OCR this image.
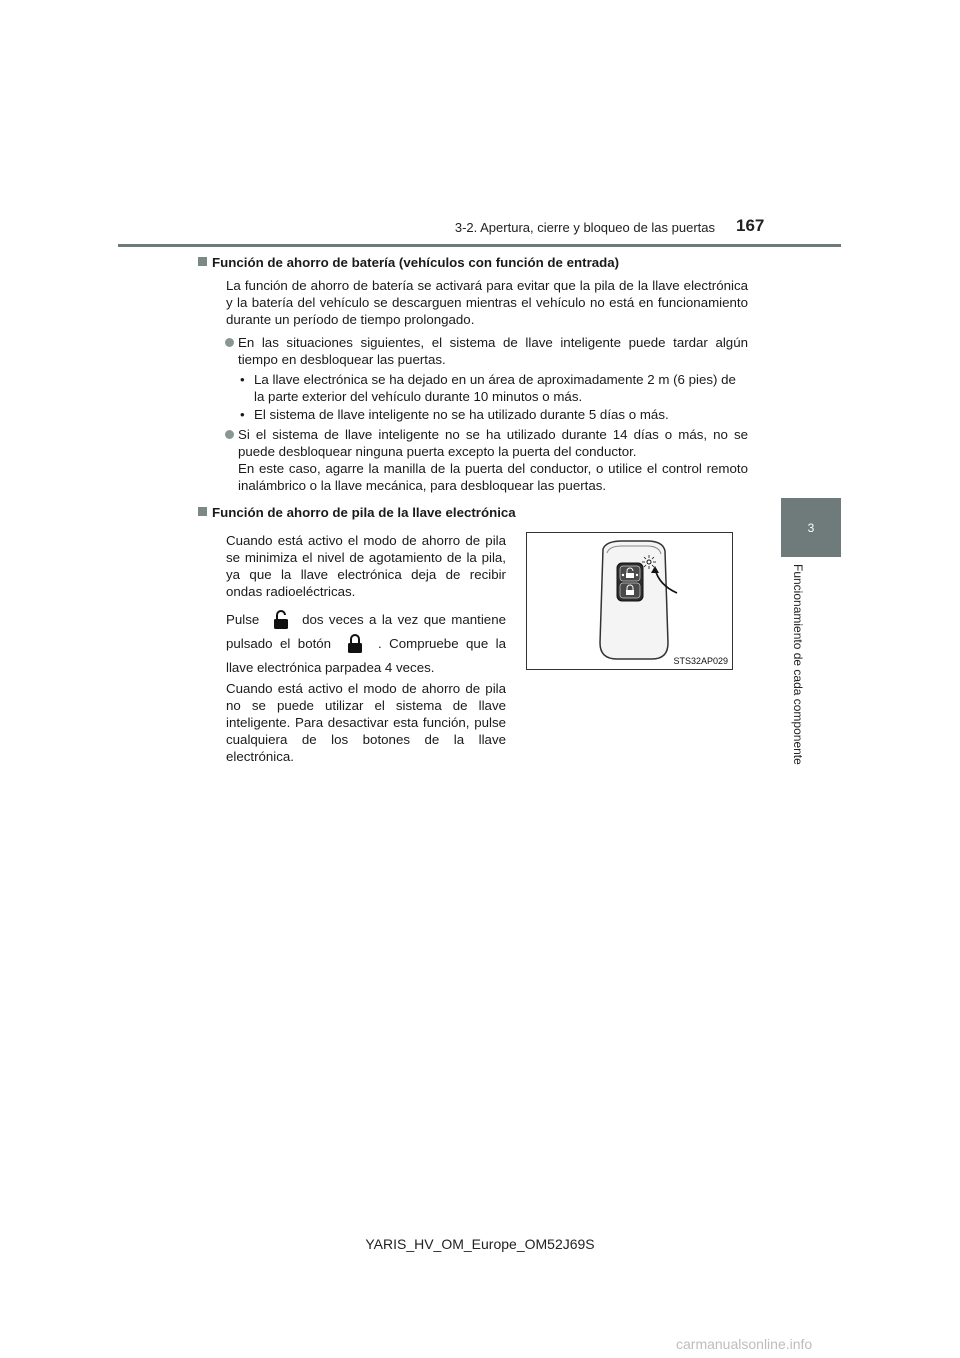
3-2. Apertura, cierre y bloqueo de las puertas 167
3
Funcionamiento de cada componente
Función de ahorro de batería (vehículos con función de entrada)
La función de ahorro de batería se activará para evitar que la pila de la llave electrónica y la batería del vehículo se descarguen mientras el vehículo no está en funcionamiento durante un período de tiempo prolongado.
En las situaciones siguientes, el sistema de llave inteligente puede tardar algún tiempo en desbloquear las puertas.
• La llave electrónica se ha dejado en un área de aproximadamente 2 m (6 pies) de la parte exterior del vehículo durante 10 minutos o más.
• El sistema de llave inteligente no se ha utilizado durante 5 días o más.
Si el sistema de llave inteligente no se ha utilizado durante 14 días o más, no se puede desbloquear ninguna puerta excepto la puerta del conductor.
En este caso, agarre la manilla de la puerta del conductor, o utilice el control remoto inalámbrico o la llave mecánica, para desbloquear las puertas.
Función de ahorro de pila de la llave electrónica
Cuando está activo el modo de ahorro de pila se minimiza el nivel de agotamiento de la pila, ya que la llave electrónica deja de recibir ondas radioeléctricas.
Pulse	dos veces a la vez que mantiene pulsado el botón	. Compruebe que la llave electrónica parpadea 4 veces.
Cuando está activo el modo de ahorro de pila no se puede utilizar el sistema de llave inteligente. Para desactivar esta función, pulse cualquiera de los botones de la llave electrónica.
STS32AP029
YARIS_HV_OM_Europe_OM52J69S
carmanualsonline.info
